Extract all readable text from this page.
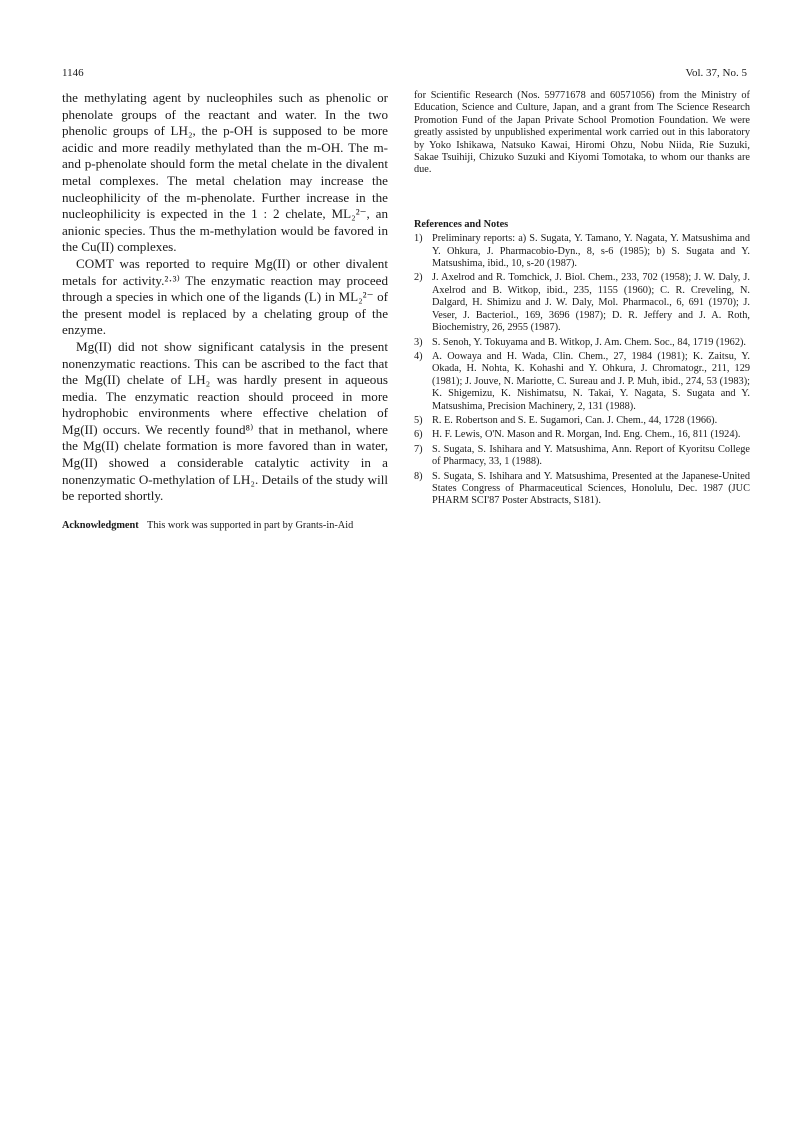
1146	Vol. 37, No. 5

the methylating agent by nucleophiles such as phenolic or phenolate groups of the reactant and water. In the two phenolic groups of LH₂, the p-OH is supposed to be more acidic and more readily methylated than the m-OH. The m- and p-phenolate should form the metal chelate in the divalent metal complexes. The metal chelation may increase the nucleophilicity of the m-phenolate. Further increase in the nucleophilicity is expected in the 1 : 2 chelate, ML₂²⁻, an anionic species. Thus the m-methylation would be favored in the Cu(II) complexes.

COMT was reported to require Mg(II) or other divalent metals for activity.²·³⁾ The enzymatic reaction may proceed through a species in which one of the ligands (L) in ML₂²⁻ of the present model is replaced by a chelating group of the enzyme.

Mg(II) did not show significant catalysis in the present nonenzymatic reactions. This can be ascribed to the fact that the Mg(II) chelate of LH₂ was hardly present in aqueous media. The enzymatic reaction should proceed in more hydrophobic environments where effective chelation of Mg(II) occurs. We recently found⁸⁾ that in methanol, where the Mg(II) chelate formation is more favored than in water, Mg(II) showed a considerable catalytic activity in a nonenzymatic O-methylation of LH₂. Details of the study will be reported shortly.

Acknowledgment This work was supported in part by Grants-in-Aid

for Scientific Research (Nos. 59771678 and 60571056) from the Ministry of Education, Science and Culture, Japan, and a grant from The Science Research Promotion Fund of the Japan Private School Promotion Foundation. We were greatly assisted by unpublished experimental work carried out in this laboratory by Yoko Ishikawa, Natsuko Kawai, Hiromi Ohzu, Nobu Niida, Rie Suzuki, Sakae Tsuihiji, Chizuko Suzuki and Kiyomi Tomotaka, to whom our thanks are due.

References and Notes
1) Preliminary reports: a) S. Sugata, Y. Tamano, Y. Nagata, Y. Matsushima and Y. Ohkura, J. Pharmacobio-Dyn., 8, s-6 (1985); b) S. Sugata and Y. Matsushima, ibid., 10, s-20 (1987).
2) J. Axelrod and R. Tomchick, J. Biol. Chem., 233, 702 (1958); J. W. Daly, J. Axelrod and B. Witkop, ibid., 235, 1155 (1960); C. R. Creveling, N. Dalgard, H. Shimizu and J. W. Daly, Mol. Pharmacol., 6, 691 (1970); J. Veser, J. Bacteriol., 169, 3696 (1987); D. R. Jeffery and J. A. Roth, Biochemistry, 26, 2955 (1987).
3) S. Senoh, Y. Tokuyama and B. Witkop, J. Am. Chem. Soc., 84, 1719 (1962).
4) A. Oowaya and H. Wada, Clin. Chem., 27, 1984 (1981); K. Zaitsu, Y. Okada, H. Nohta, K. Kohashi and Y. Ohkura, J. Chromatogr., 211, 129 (1981); J. Jouve, N. Mariotte, C. Sureau and J. P. Muh, ibid., 274, 53 (1983); K. Shigemizu, K. Nishimatsu, N. Takai, Y. Nagata, S. Sugata and Y. Matsushima, Precision Machinery, 2, 131 (1988).
5) R. E. Robertson and S. E. Sugamori, Can. J. Chem., 44, 1728 (1966).
6) H. F. Lewis, O'N. Mason and R. Morgan, Ind. Eng. Chem., 16, 811 (1924).
7) S. Sugata, S. Ishihara and Y. Matsushima, Ann. Report of Kyoritsu College of Pharmacy, 33, 1 (1988).
8) S. Sugata, S. Ishihara and Y. Matsushima, Presented at the Japanese-United States Congress of Pharmaceutical Sciences, Honolulu, Dec. 1987 (JUC PHARM SCI'87 Poster Abstracts, S181).
